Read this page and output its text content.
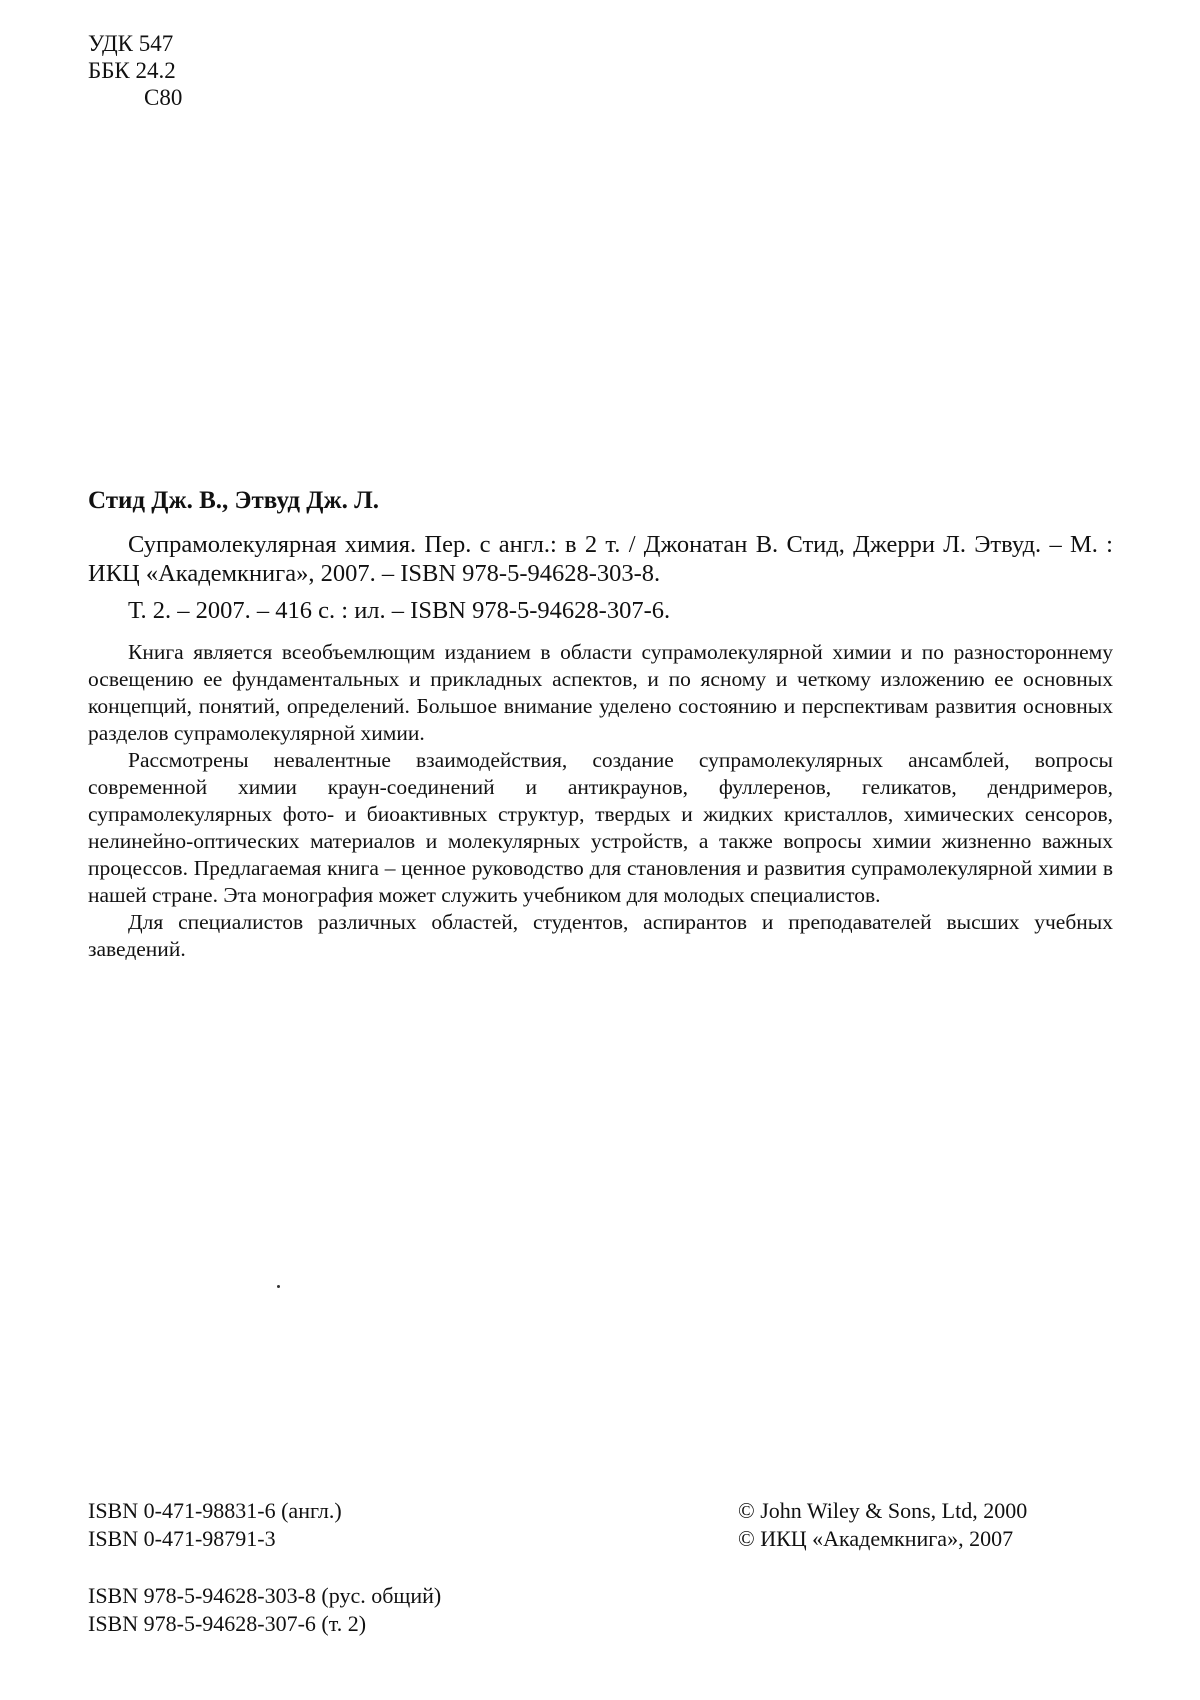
УДК 547
ББК 24.2
С80
Стид Дж. В., Этвуд Дж. Л.

Супрамолекулярная химия. Пер. с англ.: в 2 т. / Джонатан В. Стид, Джерри Л. Этвуд. – М. : ИКЦ «Академкнига», 2007. – ISBN 978-5-94628-303-8.

Т. 2. – 2007. – 416 с. : ил. – ISBN 978-5-94628-307-6.

Книга является всеобъемлющим изданием в области супрамолекулярной химии и по разностороннему освещению ее фундаментальных и прикладных аспектов, и по ясному и четкому изложению ее основных концепций, понятий, определений. Большое внимание уделено состоянию и перспективам развития основных разделов супрамолекулярной химии.

Рассмотрены невалентные взаимодействия, создание супрамолекулярных ансамблей, вопросы современной химии краун-соединений и антикраунов, фуллеренов, геликатов, дендримеров, супрамолекулярных фото- и биоактивных структур, твердых и жидких кристаллов, химических сенсоров, нелинейно-оптических материалов и молекулярных устройств, а также вопросы химии жизненно важных процессов. Предлагаемая книга – ценное руководство для становления и развития супрамолекулярной химии в нашей стране. Эта монография может служить учебником для молодых специалистов.

Для специалистов различных областей, студентов, аспирантов и преподавателей высших учебных заведений.

ISBN 0-471-98831-6 (англ.)
ISBN 0-471-98791-3
© John Wiley & Sons, Ltd, 2000
© ИКЦ «Академкнига», 2007
ISBN 978-5-94628-303-8 (рус. общий)
ISBN 978-5-94628-307-6 (т. 2)
